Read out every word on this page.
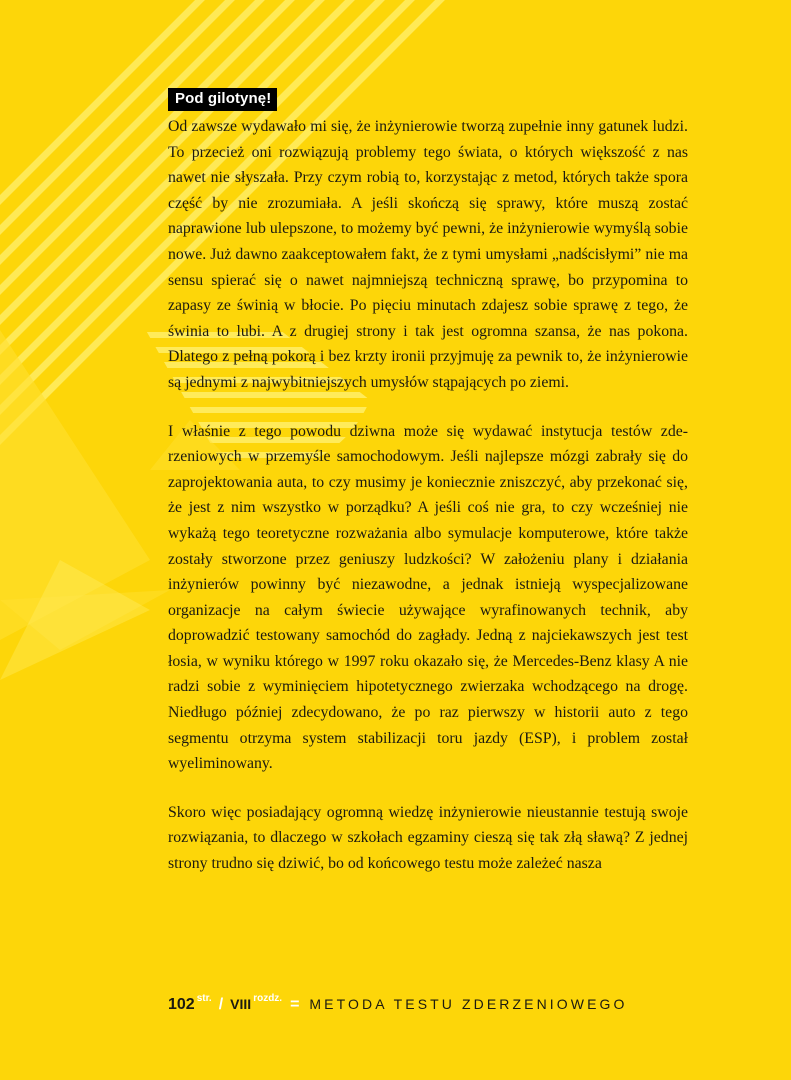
Pod gilotynę!

Od zawsze wydawało mi się, że inżynierowie tworzą zupełnie inny gatunek ludzi. To przecież oni rozwiązują problemy tego świata, o których większość z nas nawet nie słyszała. Przy czym robią to, korzystając z metod, których także spora część by nie zrozumiała. A jeśli skończą się sprawy, które muszą zostać naprawione lub ulepszone, to możemy być pewni, że inżynierowie wymyślą sobie nowe. Już dawno zaakceptowałem fakt, że z tymi umysłami „nadścisłymi” nie ma sensu spierać się o nawet najmniejszą techniczną sprawę, bo przypomina to zapasy ze świnią w błocie. Po pięciu minutach zdajesz sobie sprawę z tego, że świnia to lubi. A z drugiej strony i tak jest ogromna szansa, że nas pokona. Dlatego z pełną pokorą i bez krzty ironii przyjmuję za pewnik to, że inżynierowie są jednymi z najwybitniejszych umysłów stąpających po ziemi.

I właśnie z tego powodu dziwna może się wydawać instytucja testów zderzeniowych w przemyśle samochodowym. Jeśli najlepsze mózgi zabrały się do zaprojektowania auta, to czy musimy je koniecznie zniszczyć, aby przekonać się, że jest z nim wszystko w porządku? A jeśli coś nie gra, to czy wcześniej nie wykażą tego teoretyczne rozważania albo symulacje komputerowe, które także zostały stworzone przez geniuszy ludzkości? W założeniu plany i działania inżynierów powinny być niezawodne, a jednak istnieją wyspecjalizowane organizacje na całym świecie używające wyrafinowanych technik, aby doprowadzić testowany samochód do zagłady. Jedną z najciekawszych jest test łosia, w wyniku którego w 1997 roku okazało się, że Mercedes-Benz klasy A nie radzi sobie z wyminięciem hipotetycznego zwierzaka wchodzącego na drogę. Niedługo później zdecydowano, że po raz pierwszy w historii auto z tego segmentu otrzyma system stabilizacji toru jazdy (ESP), i problem został wyeliminowany.

Skoro więc posiadający ogromną wiedzę inżynierowie nieustannie testują swoje rozwiązania, to dlaczego w szkołach egzaminy cieszą się tak złą sławą? Z jednej strony trudno się dziwić, bo od końcowego testu może zależeć nasza

$102^{str.}$ / $VIII^{rozdz.}$ = METODA TESTU ZDERZENIOWEGO
